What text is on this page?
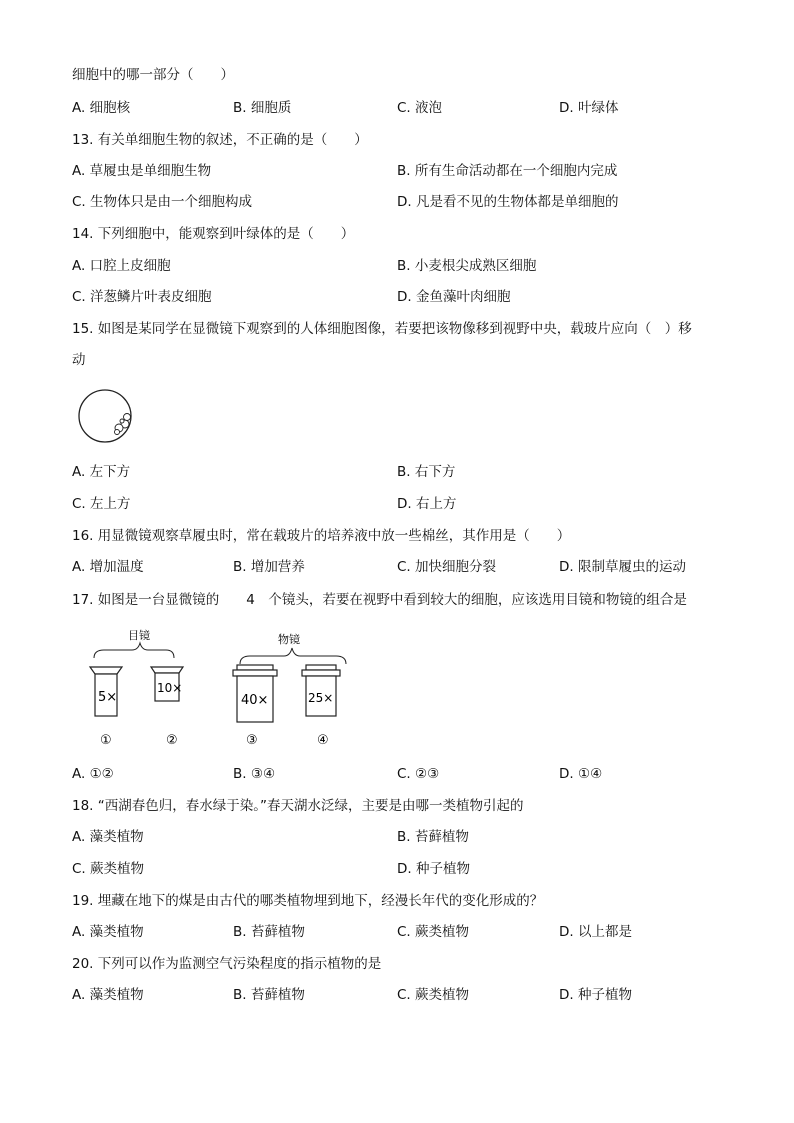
细胞中的哪一部分（　　）
A. 细胞核	B. 细胞质	C. 液泡	D. 叶绿体
13. 有关单细胞生物的叙述，不正确的是（　　）
A. 草履虫是单细胞生物	B. 所有生命活动都在一个细胞内完成
C. 生物体只是由一个细胞构成	D. 凡是看不见的生物体都是单细胞的
14. 下列细胞中，能观察到叶绿体的是（　　）
A. 口腔上皮细胞	B. 小麦根尖成熟区细胞
C. 洋葱鳞片叶表皮细胞	D. 金鱼藻叶肉细胞
15. 如图是某同学在显微镜下观察到的人体细胞图像，若要把该物像移到视野中央，载玻片应向（　）移
动
A. 左下方	B. 右下方
C. 左上方	D. 右上方
16. 用显微镜观察草履虫时，常在载玻片的培养液中放一些棉丝，其作用是（　　）
A. 增加温度	B. 增加营养	C. 加快细胞分裂	D. 限制草履虫的运动
17. 如图是一台显微镜的　　4　个镜头，若要在视野中看到较大的细胞，应该选用目镜和物镜的组合是
目镜
5×
10×
物镜
40×	25×
①	②	③	④
A. ①②	B. ③④	C. ②③	D. ①④
18. “西湖春色归，春水绿于染。”春天湖水泛绿，主要是由哪一类植物引起的
A. 藻类植物	B. 苔藓植物
C. 蕨类植物	D. 种子植物
19. 埋藏在地下的煤是由古代的哪类植物埋到地下，经漫长年代的变化形成的？
A. 藻类植物	B. 苔藓植物	C. 蕨类植物	D. 以上都是
20. 下列可以作为监测空气污染程度的指示植物的是
A. 藻类植物	B. 苔藓植物	C. 蕨类植物	D. 种子植物
